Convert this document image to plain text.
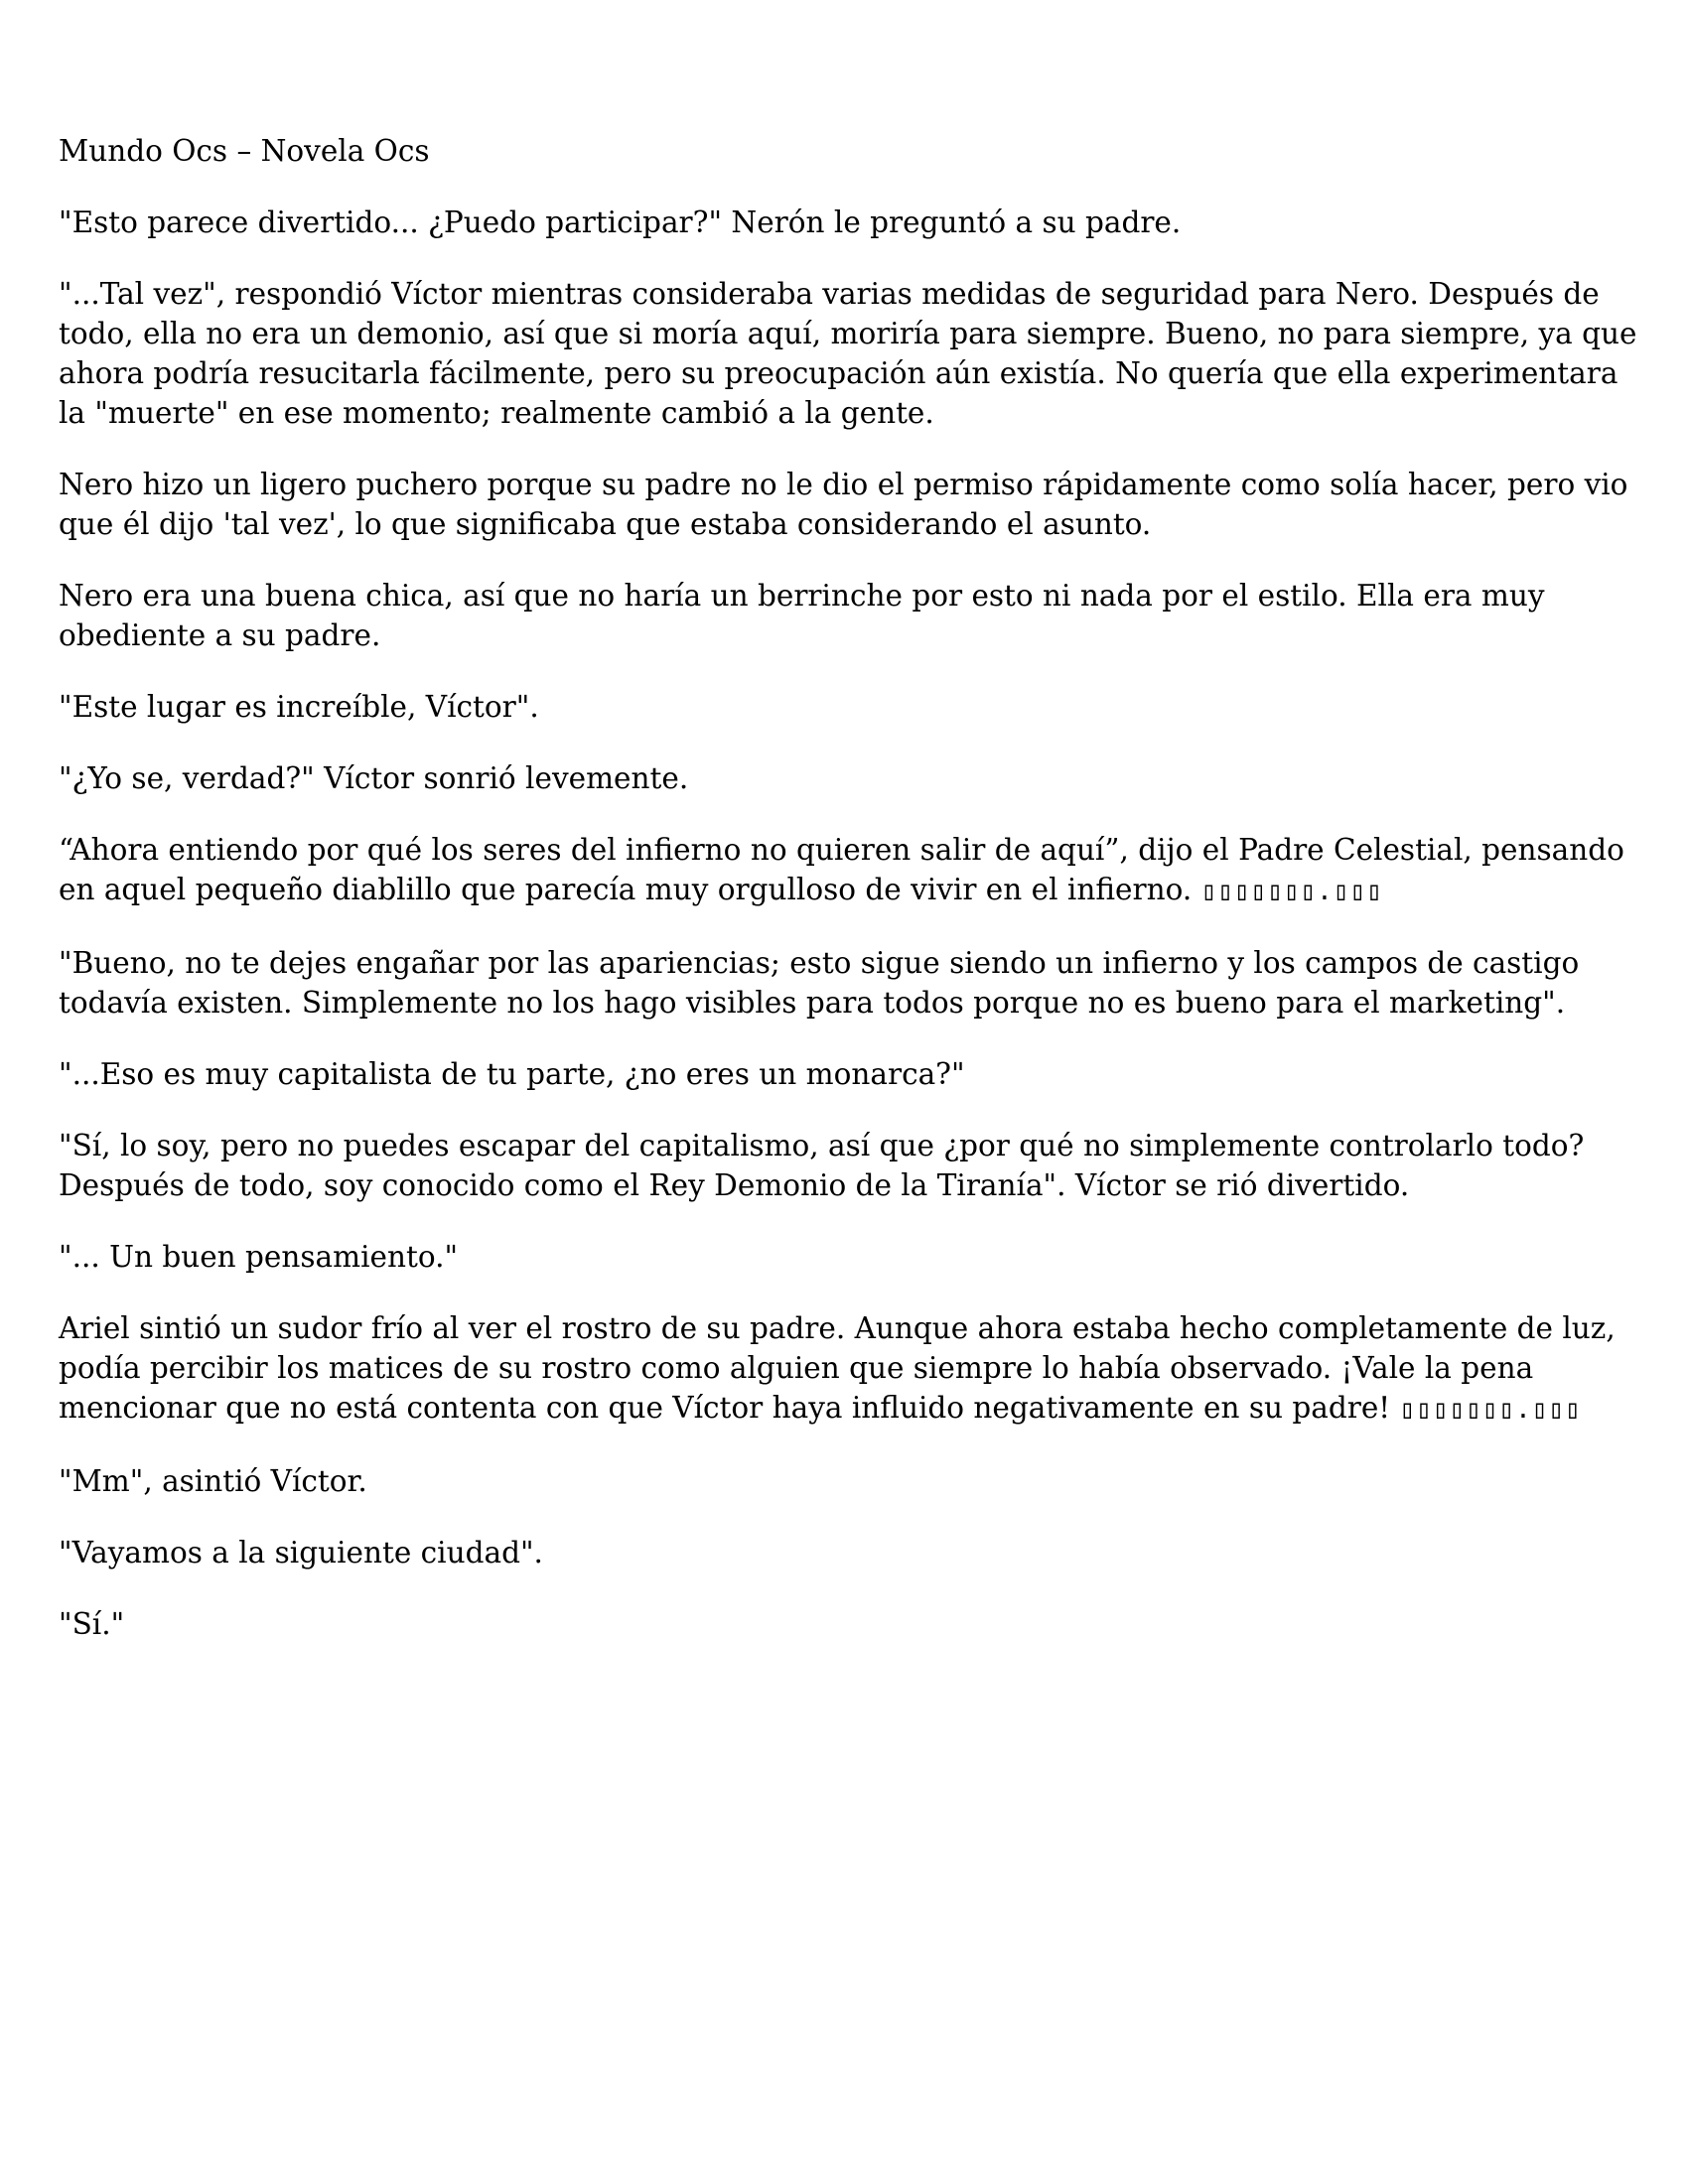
Mundo Ocs – Novela Ocs

"Esto parece divertido... ¿Puedo participar?" Nerón le preguntó a su padre.

"...Tal vez", respondió Víctor mientras consideraba varias medidas de seguridad para Nero. Después de todo, ella no era un demonio, así que si moría aquí, moriría para siempre. Bueno, no para siempre, ya que ahora podría resucitarla fácilmente, pero su preocupación aún existía. No quería que ella experimentara la "muerte" en ese momento; realmente cambió a la gente.

Nero hizo un ligero puchero porque su padre no le dio el permiso rápidamente como solía hacer, pero vio que él dijo 'tal vez', lo que significaba que estaba considerando el asunto.

Nero era una buena chica, así que no haría un berrinche por esto ni nada por el estilo. Ella era muy obediente a su padre.

"Este lugar es increíble, Víctor".

"¿Yo se, verdad?" Víctor sonrió levemente.

“Ahora entiendo por qué los seres del infierno no quieren salir de aquí”, dijo el Padre Celestial, pensando en aquel pequeño diablillo que parecía muy orgulloso de vivir en el infierno. ▯▯▯▯▯▯▯.▯▯▯

"Bueno, no te dejes engañar por las apariencias; esto sigue siendo un infierno y los campos de castigo todavía existen. Simplemente no los hago visibles para todos porque no es bueno para el marketing".

"...Eso es muy capitalista de tu parte, ¿no eres un monarca?"

"Sí, lo soy, pero no puedes escapar del capitalismo, así que ¿por qué no simplemente controlarlo todo? Después de todo, soy conocido como el Rey Demonio de la Tiranía". Víctor se rió divertido.

"... Un buen pensamiento."

Ariel sintió un sudor frío al ver el rostro de su padre. Aunque ahora estaba hecho completamente de luz, podía percibir los matices de su rostro como alguien que siempre lo había observado. ¡Vale la pena mencionar que no está contenta con que Víctor haya influido negativamente en su padre! ▯▯▯▯▯▯▯.▯▯▯

"Mm", asintió Víctor.

"Vayamos a la siguiente ciudad".

"Sí."
